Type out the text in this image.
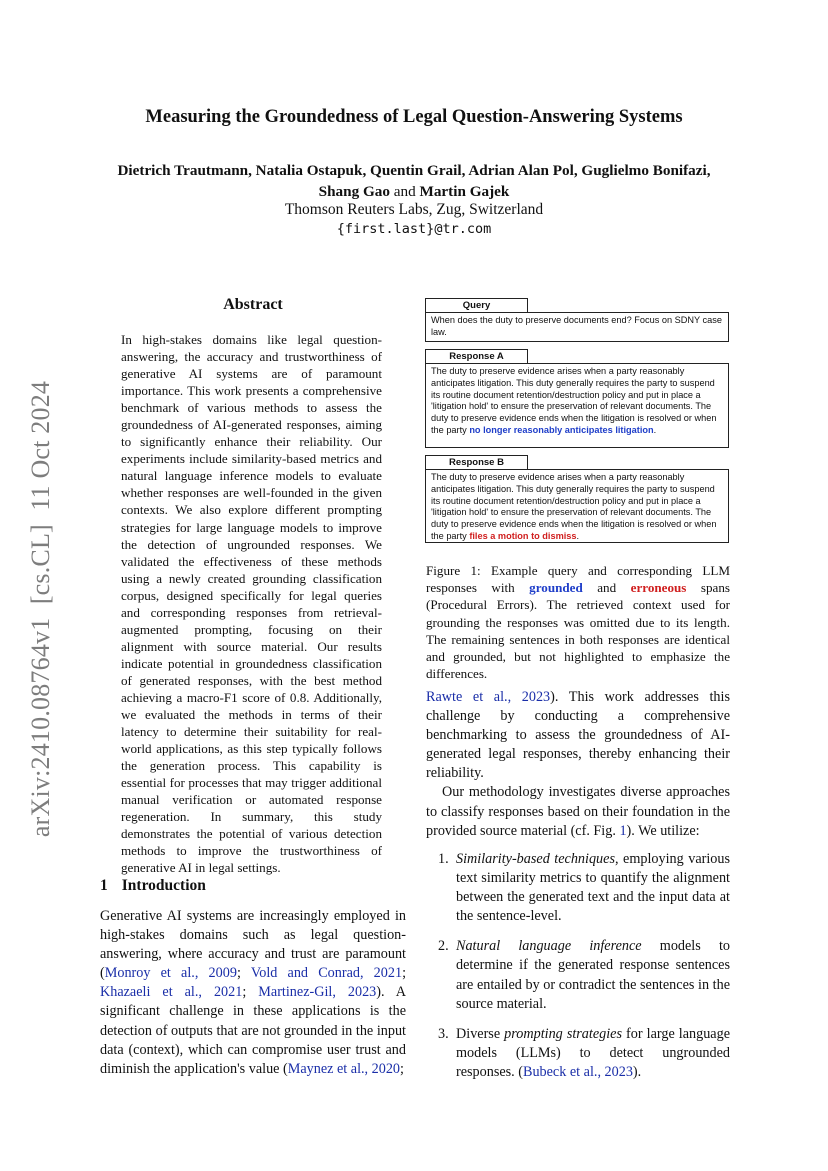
Measuring the Groundedness of Legal Question-Answering Systems
Dietrich Trautmann, Natalia Ostapuk, Quentin Grail, Adrian Alan Pol, Guglielmo Bonifazi,
Shang Gao and Martin Gajek
Thomson Reuters Labs, Zug, Switzerland
{first.last}@tr.com
arXiv:2410.08764v1  [cs.CL]  11 Oct 2024
Abstract
In high-stakes domains like legal question-answering, the accuracy and trustworthiness of generative AI systems are of paramount importance. This work presents a comprehensive benchmark of various methods to assess the groundedness of AI-generated responses, aiming to significantly enhance their reliability. Our experiments include similarity-based metrics and natural language inference models to evaluate whether responses are well-founded in the given contexts. We also explore different prompting strategies for large language models to improve the detection of ungrounded responses. We validated the effectiveness of these methods using a newly created grounding classification corpus, designed specifically for legal queries and corresponding responses from retrieval-augmented prompting, focusing on their alignment with source material. Our results indicate potential in groundedness classification of generated responses, with the best method achieving a macro-F1 score of 0.8. Additionally, we evaluated the methods in terms of their latency to determine their suitability for real-world applications, as this step typically follows the generation process. This capability is essential for processes that may trigger additional manual verification or automated response regeneration. In summary, this study demonstrates the potential of various detection methods to improve the trustworthiness of generative AI in legal settings.
1 Introduction
Generative AI systems are increasingly employed in high-stakes domains such as legal question-answering, where accuracy and trust are paramount (Monroy et al., 2009; Vold and Conrad, 2021; Khazaeli et al., 2021; Martinez-Gil, 2023). A significant challenge in these applications is the detection of outputs that are not grounded in the input data (context), which can compromise user trust and diminish the application's value (Maynez et al., 2020;
When does the duty to preserve documents end? Focus on SDNY case law.
Query
The duty to preserve evidence arises when a party reasonably anticipates litigation. This duty generally requires the party to suspend its routine document retention/destruction policy and put in place a 'litigation hold' to ensure the preservation of relevant documents. The duty to preserve evidence ends when the litigation is resolved or when the party no longer reasonably anticipates litigation.
Response A
The duty to preserve evidence arises when a party reasonably anticipates litigation. This duty generally requires the party to suspend its routine document retention/destruction policy and put in place a 'litigation hold' to ensure the preservation of relevant documents. The duty to preserve evidence ends when the litigation is resolved or when the party files a motion to dismiss.
Response B
Figure 1: Example query and corresponding LLM responses with grounded and erroneous spans (Procedural Errors). The retrieved context used for grounding the responses was omitted due to its length. The remaining sentences in both responses are identical and grounded, but not highlighted to emphasize the differences.

Rawte et al., 2023). This work addresses this challenge by conducting a comprehensive benchmarking to assess the groundedness of AI-generated legal responses, thereby enhancing their reliability.

Our methodology investigates diverse approaches to classify responses based on their foundation in the provided source material (cf. Fig. 1). We utilize:

1. Similarity-based techniques, employing various text similarity metrics to quantify the alignment between the generated text and the input data at the sentence-level.
2. Natural language inference models to determine if the generated response sentences are entailed by or contradict the sentences in the source material.
3. Diverse prompting strategies for large language models (LLMs) to detect ungrounded responses. (Bubeck et al., 2023).
